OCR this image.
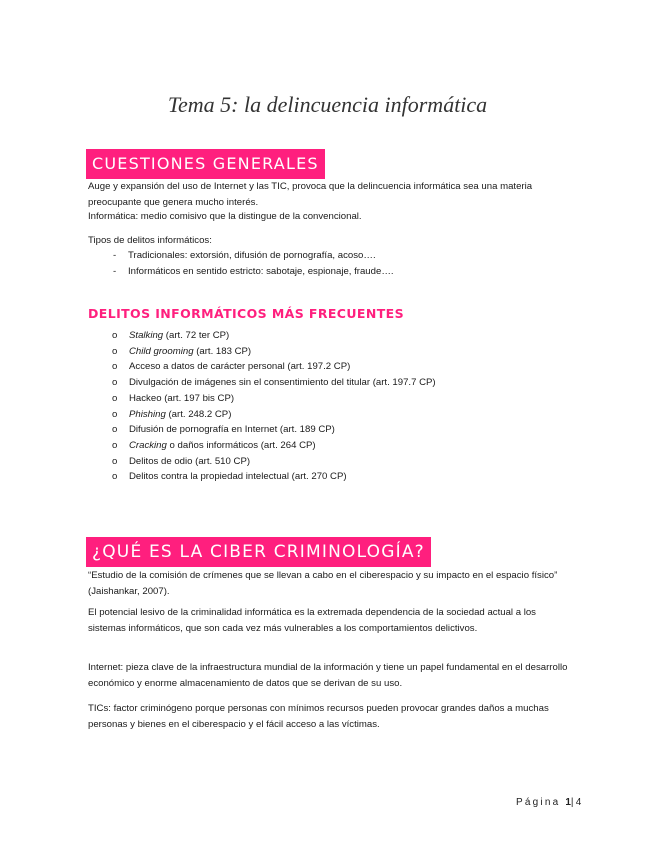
Tema 5: la delincuencia informática
CUESTIONES GENERALES

Auge y expansión del uso de Internet y las TIC, provoca que la delincuencia informática sea una materia preocupante que genera mucho interés.

Informática: medio comisivo que la distingue de la convencional.

Tipos de delitos informáticos:

- Tradicionales: extorsión, difusión de pornografía, acoso….
- Informáticos en sentido estricto: sabotaje, espionaje, fraude….
DELITOS INFORMÁTICOS MÁS FRECUENTES
o Stalking (art. 72 ter CP)
o Child grooming (art. 183 CP)
o Acceso a datos de carácter personal (art. 197.2 CP)
o Divulgación de imágenes sin el consentimiento del titular (art. 197.7 CP)
o Hackeo (art. 197 bis CP)
o Phishing (art. 248.2 CP)
o Difusión de pornografía en Internet (art. 189 CP)
o Cracking o daños informáticos (art. 264 CP)
o Delitos de odio (art. 510 CP)
o Delitos contra la propiedad intelectual (art. 270 CP)
¿QUÉ ES LA CIBER CRIMINOLOGÍA?

“Estudio de la comisión de crímenes que se llevan a cabo en el ciberespacio y su impacto en el espacio físico” (Jaishankar, 2007).

El potencial lesivo de la criminalidad informática es la extremada dependencia de la sociedad actual a los sistemas informáticos, que son cada vez más vulnerables a los comportamientos delictivos.

Internet: pieza clave de la infraestructura mundial de la información y tiene un papel fundamental en el desarrollo económico y enorme almacenamiento de datos que se derivan de su uso.

TICs: factor criminógeno porque personas con mínimos recursos pueden provocar grandes daños a muchas personas y bienes en el ciberespacio y el fácil acceso a las víctimas.

Página 1|4
